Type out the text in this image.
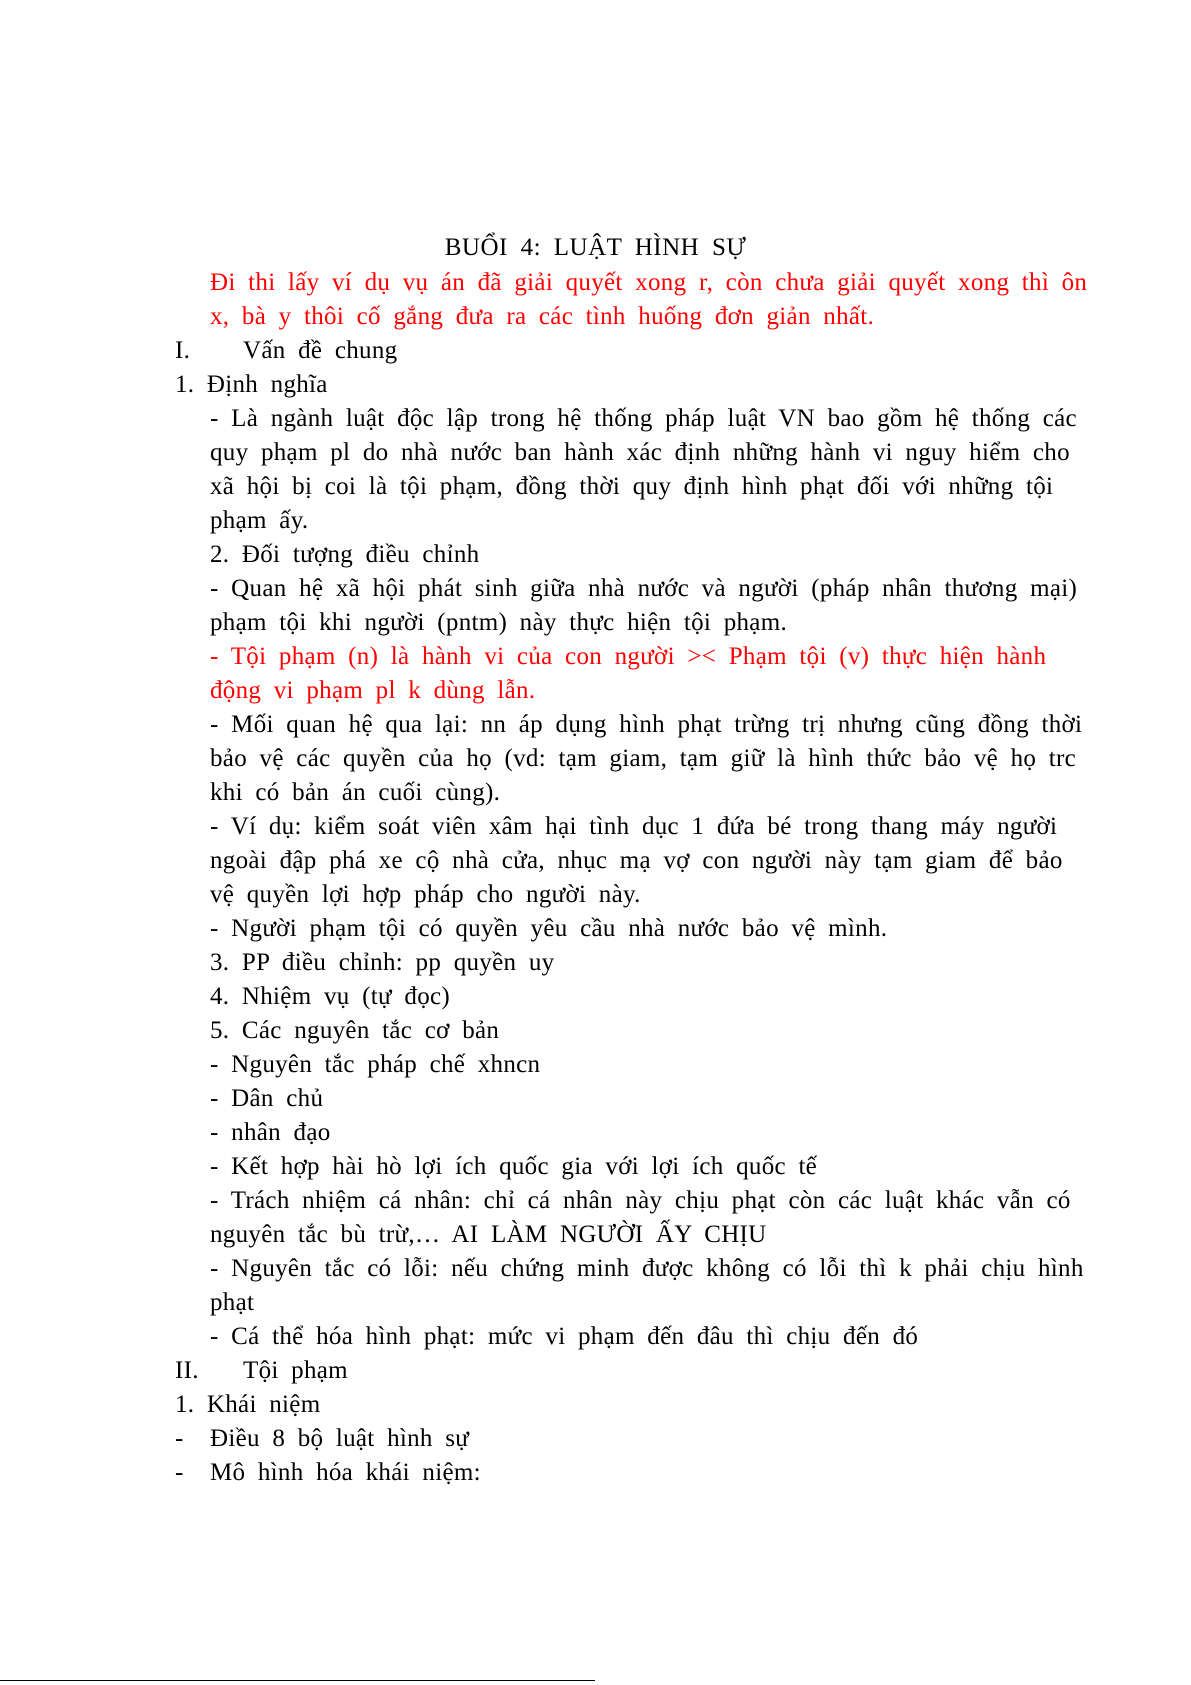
BUỔI 4: LUẬT HÌNH SỰ
Đi thi lấy ví dụ vụ án đã giải quyết xong r, còn chưa giải quyết xong thì ôn
x, bà y thôi cố gắng đưa ra các tình huống đơn giản nhất.
I. Vấn đề chung
1. Định nghĩa
- Là ngành luật độc lập trong hệ thống pháp luật VN bao gồm hệ thống các
quy phạm pl do nhà nước ban hành xác định những hành vi nguy hiểm cho
xã hội bị coi là tội phạm, đồng thời quy định hình phạt đối với những tội
phạm ấy.
2. Đối tượng điều chỉnh
- Quan hệ xã hội phát sinh giữa nhà nước và người (pháp nhân thương mại)
phạm tội khi người (pntm) này thực hiện tội phạm.
- Tội phạm (n) là hành vi của con người >< Phạm tội (v) thực hiện hành
động vi phạm pl k dùng lẫn.
- Mối quan hệ qua lại: nn áp dụng hình phạt trừng trị nhưng cũng đồng thời
bảo vệ các quyền của họ (vd: tạm giam, tạm giữ là hình thức bảo vệ họ trc
khi có bản án cuối cùng).
- Ví dụ: kiểm soát viên xâm hại tình dục 1 đứa bé trong thang máy người
ngoài đập phá xe cộ nhà cửa, nhục mạ vợ con người này tạm giam để bảo
vệ quyền lợi hợp pháp cho người này.
- Người phạm tội có quyền yêu cầu nhà nước bảo vệ mình.
3. PP điều chỉnh: pp quyền uy
4. Nhiệm vụ (tự đọc)
5. Các nguyên tắc cơ bản
- Nguyên tắc pháp chế xhncn
- Dân chủ
- nhân đạo
- Kết hợp hài hò lợi ích quốc gia với lợi ích quốc tế
- Trách nhiệm cá nhân: chỉ cá nhân này chịu phạt còn các luật khác vẫn có
nguyên tắc bù trừ,… AI LÀM NGƯỜI ẤY CHỊU
- Nguyên tắc có lỗi: nếu chứng minh được không có lỗi thì k phải chịu hình
phạt
- Cá thể hóa hình phạt: mức vi phạm đến đâu thì chịu đến đó
II. Tội phạm
1. Khái niệm
- Điều 8 bộ luật hình sự
- Mô hình hóa khái niệm:
